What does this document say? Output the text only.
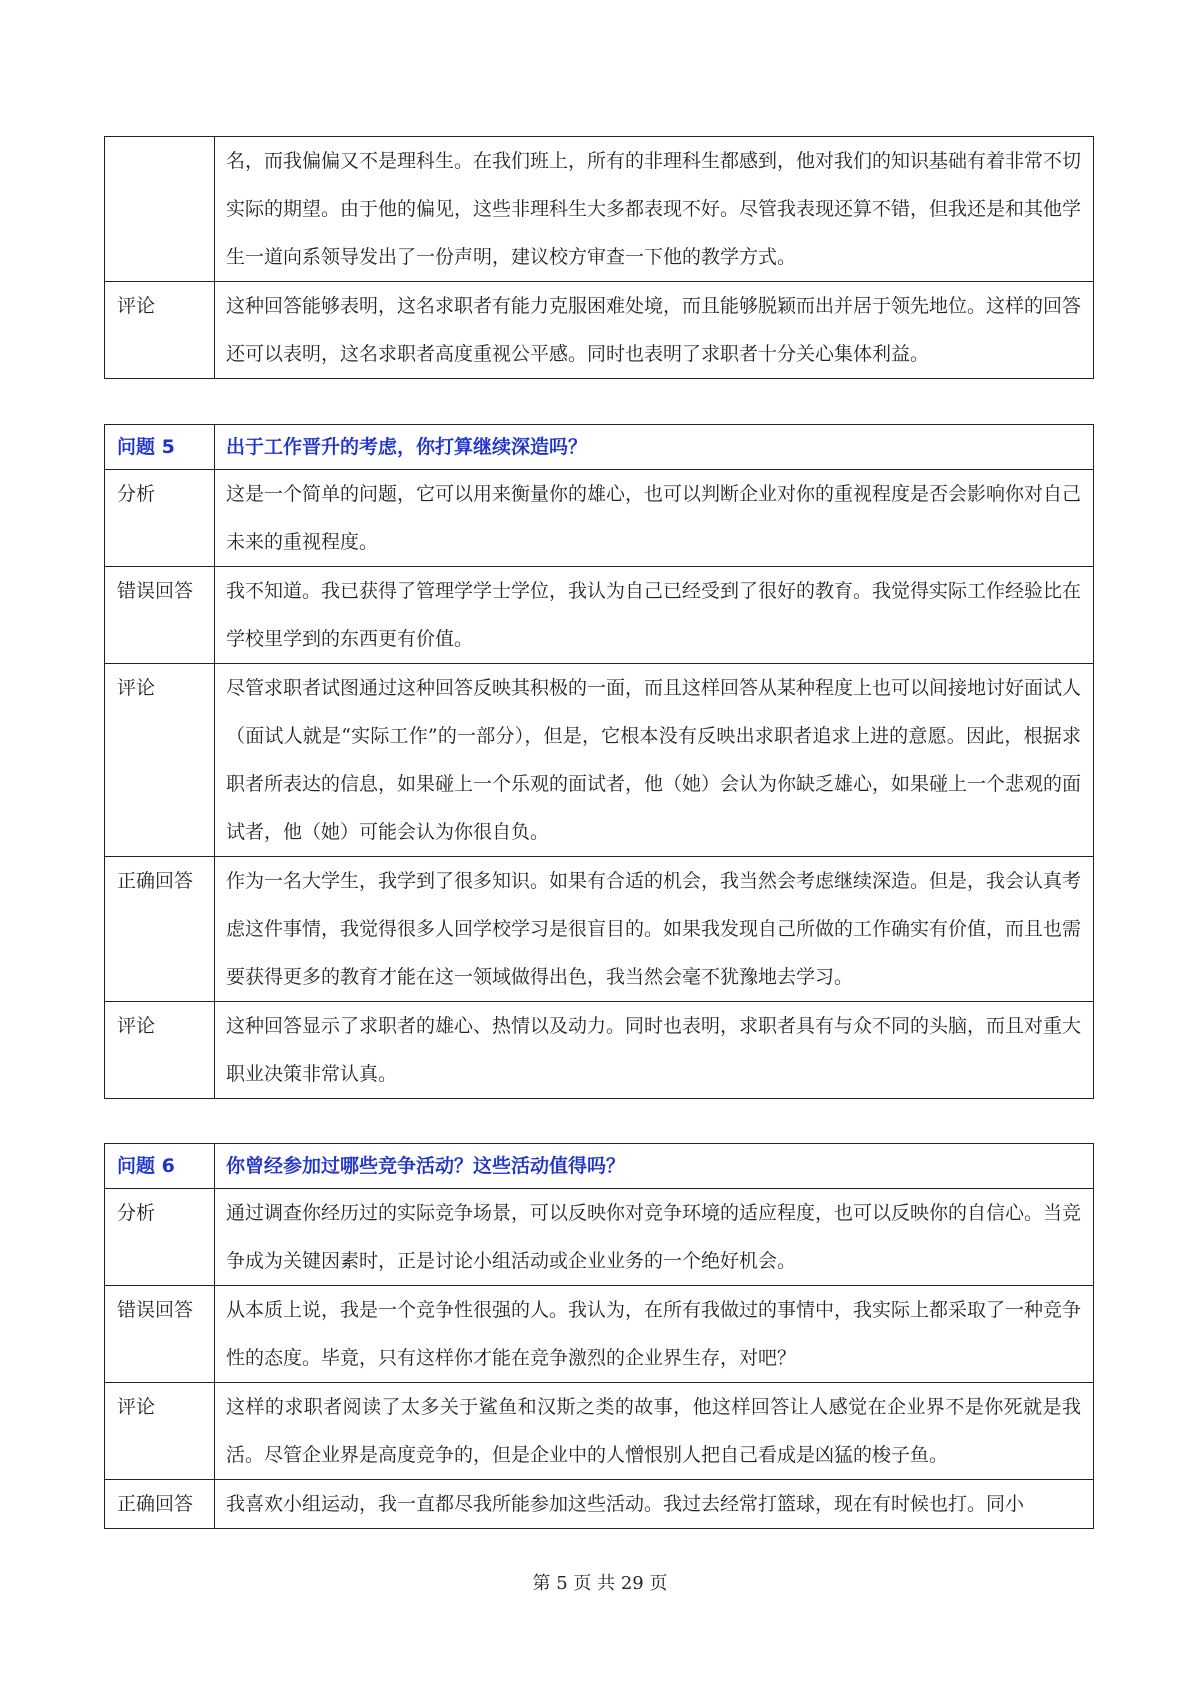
	名，而我偏偏又不是理科生。在我们班上，所有的非理科生都感到，他对我们的知识基础有着非常不切实际的期望。由于他的偏见，这些非理科生大多都表现不好。尽管我表现还算不错，但我还是和其他学生一道向系领导发出了一份声明，建议校方审查一下他的教学方式。
评论	这种回答能够表明，这名求职者有能力克服困难处境，而且能够脱颖而出并居于领先地位。这样的回答还可以表明，这名求职者高度重视公平感。同时也表明了求职者十分关心集体利益。
问题 5	出于工作晋升的考虑，你打算继续深造吗？
分析	这是一个简单的问题，它可以用来衡量你的雄心，也可以判断企业对你的重视程度是否会影响你对自己未来的重视程度。
错误回答	我不知道。我已获得了管理学学士学位，我认为自己已经受到了很好的教育。我觉得实际工作经验比在学校里学到的东西更有价值。
评论	尽管求职者试图通过这种回答反映其积极的一面，而且这样回答从某种程度上也可以间接地讨好面试人（面试人就是“实际工作”的一部分），但是，它根本没有反映出求职者追求上进的意愿。因此，根据求职者所表达的信息，如果碰上一个乐观的面试者，他（她）会认为你缺乏雄心，如果碰上一个悲观的面试者，他（她）可能会认为你很自负。
正确回答	作为一名大学生，我学到了很多知识。如果有合适的机会，我当然会考虑继续深造。但是，我会认真考虑这件事情，我觉得很多人回学校学习是很盲目的。如果我发现自己所做的工作确实有价值，而且也需要获得更多的教育才能在这一领域做得出色，我当然会毫不犹豫地去学习。
评论	这种回答显示了求职者的雄心、热情以及动力。同时也表明，求职者具有与众不同的头脑，而且对重大职业决策非常认真。
问题 6	你曾经参加过哪些竞争活动？这些活动值得吗？
分析	通过调查你经历过的实际竞争场景，可以反映你对竞争环境的适应程度，也可以反映你的自信心。当竞争成为关键因素时，正是讨论小组活动或企业业务的一个绝好机会。
错误回答	从本质上说，我是一个竞争性很强的人。我认为，在所有我做过的事情中，我实际上都采取了一种竞争性的态度。毕竟，只有这样你才能在竞争激烈的企业界生存，对吧？
评论	这样的求职者阅读了太多关于鲨鱼和汉斯之类的故事，他这样回答让人感觉在企业界不是你死就是我活。尽管企业界是高度竞争的，但是企业中的人憎恨别人把自己看成是凶猛的梭子鱼。
正确回答	我喜欢小组运动，我一直都尽我所能参加这些活动。我过去经常打篮球，现在有时候也打。同小
第 5 页 共 29 页
